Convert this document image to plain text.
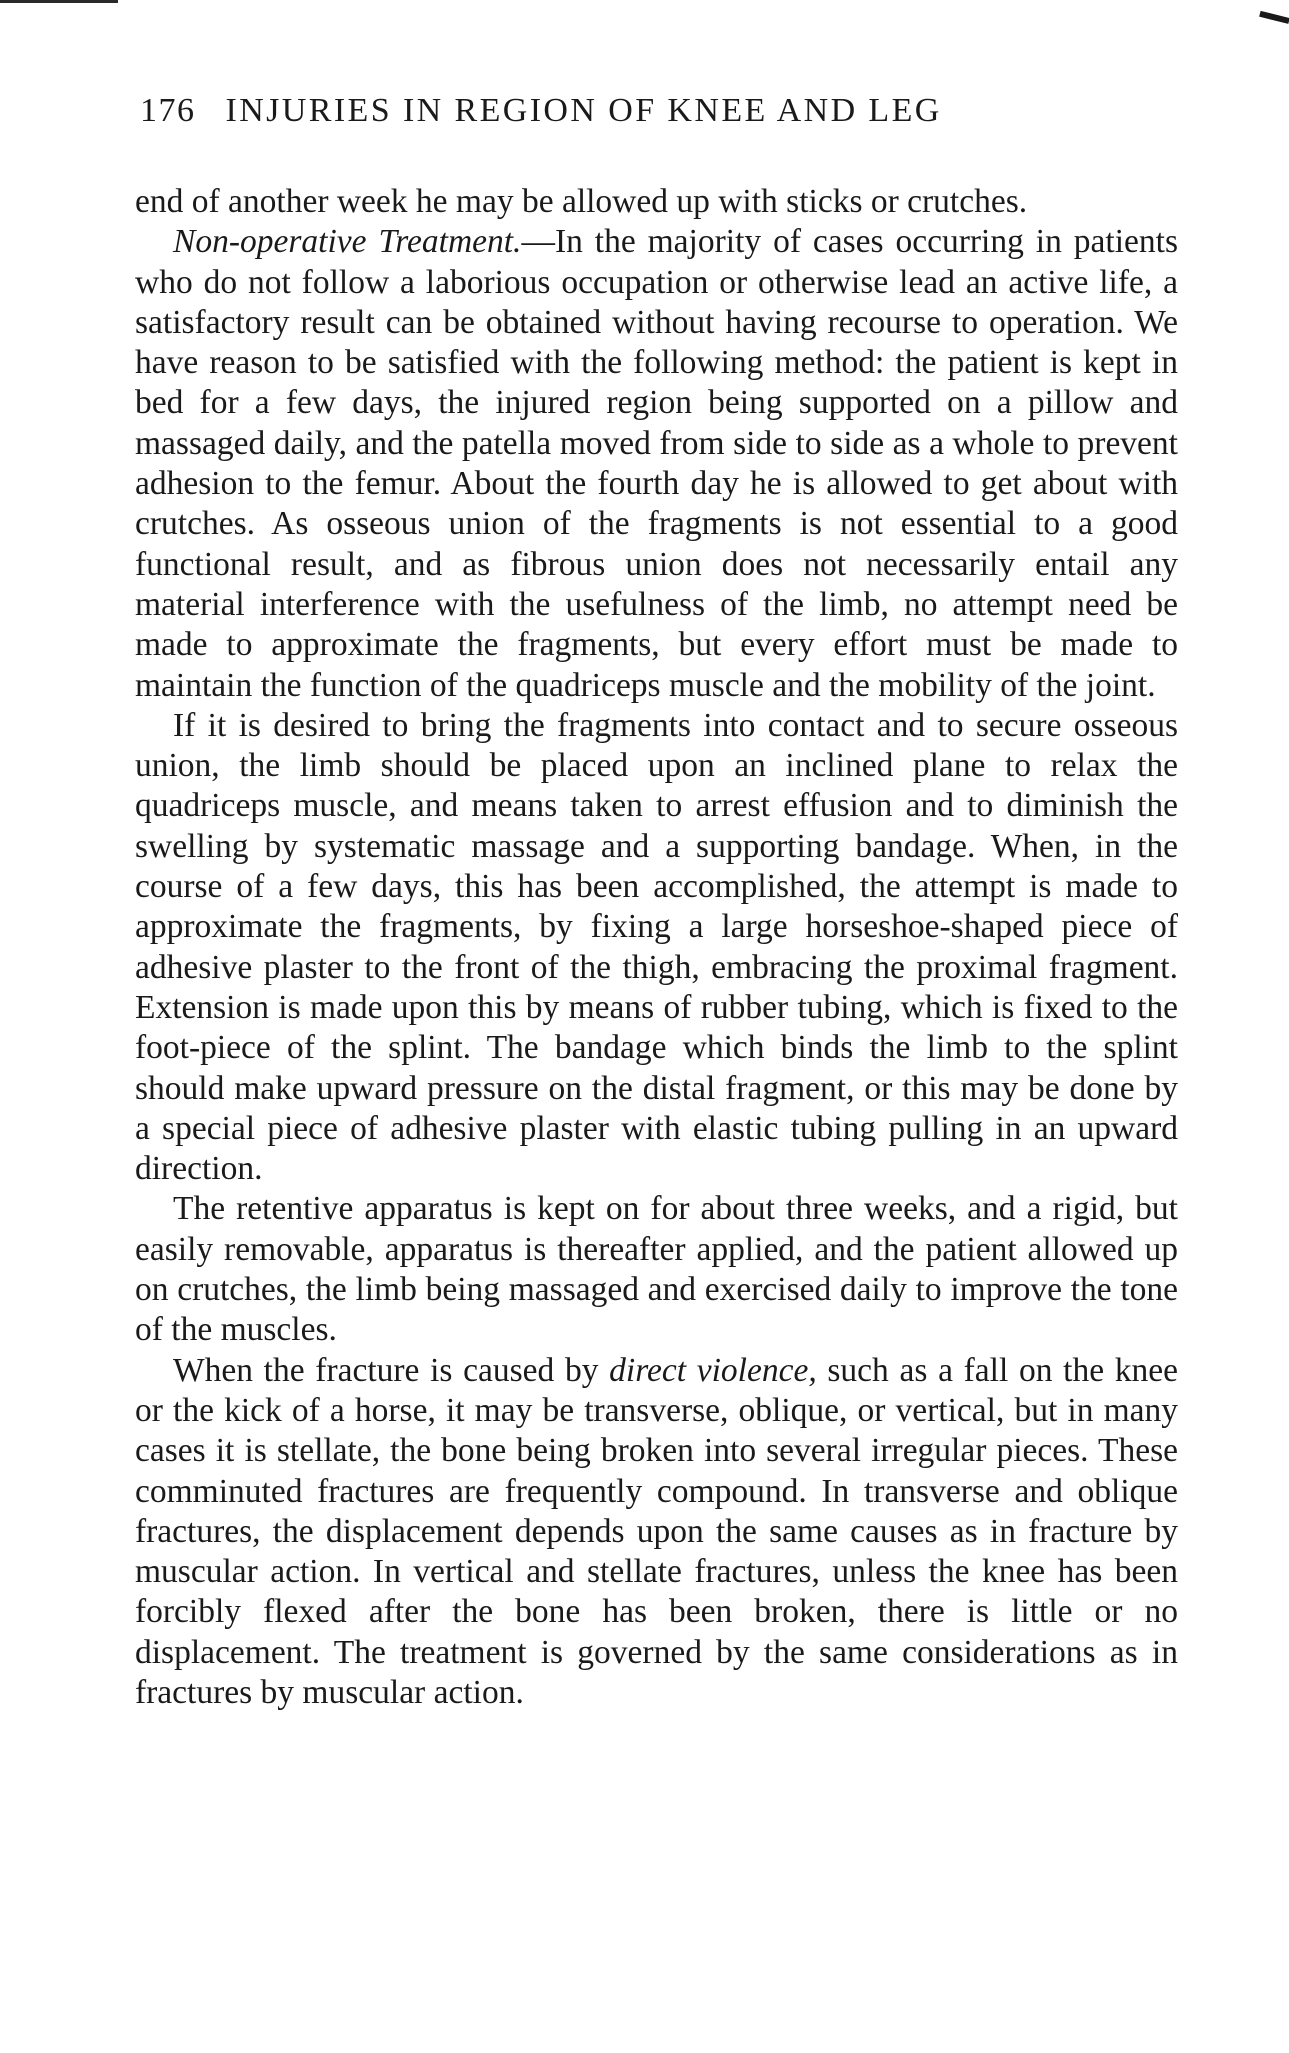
176 INJURIES IN REGION OF KNEE AND LEG

end of another week he may be allowed up with sticks or crutches.

Non-operative Treatment.—In the majority of cases occurring in patients who do not follow a laborious occupation or otherwise lead an active life, a satisfactory result can be obtained without having recourse to operation. We have reason to be satisfied with the following method: the patient is kept in bed for a few days, the injured region being supported on a pillow and massaged daily, and the patella moved from side to side as a whole to prevent adhesion to the femur. About the fourth day he is allowed to get about with crutches. As osseous union of the fragments is not essential to a good functional result, and as fibrous union does not necessarily entail any material interference with the usefulness of the limb, no attempt need be made to approximate the fragments, but every effort must be made to maintain the function of the quadriceps muscle and the mobility of the joint.

If it is desired to bring the fragments into contact and to secure osseous union, the limb should be placed upon an inclined plane to relax the quadriceps muscle, and means taken to arrest effusion and to diminish the swelling by systematic massage and a supporting bandage. When, in the course of a few days, this has been accomplished, the attempt is made to approximate the fragments, by fixing a large horseshoe-shaped piece of adhesive plaster to the front of the thigh, embracing the proximal fragment. Extension is made upon this by means of rubber tubing, which is fixed to the foot-piece of the splint. The bandage which binds the limb to the splint should make upward pressure on the distal fragment, or this may be done by a special piece of adhesive plaster with elastic tubing pulling in an upward direction.

The retentive apparatus is kept on for about three weeks, and a rigid, but easily removable, apparatus is thereafter applied, and the patient allowed up on crutches, the limb being massaged and exercised daily to improve the tone of the muscles.

When the fracture is caused by direct violence, such as a fall on the knee or the kick of a horse, it may be transverse, oblique, or vertical, but in many cases it is stellate, the bone being broken into several irregular pieces. These comminuted fractures are frequently compound. In transverse and oblique fractures, the displacement depends upon the same causes as in fracture by muscular action. In vertical and stellate fractures, unless the knee has been forcibly flexed after the bone has been broken, there is little or no displacement. The treatment is governed by the same considerations as in fractures by muscular action.
